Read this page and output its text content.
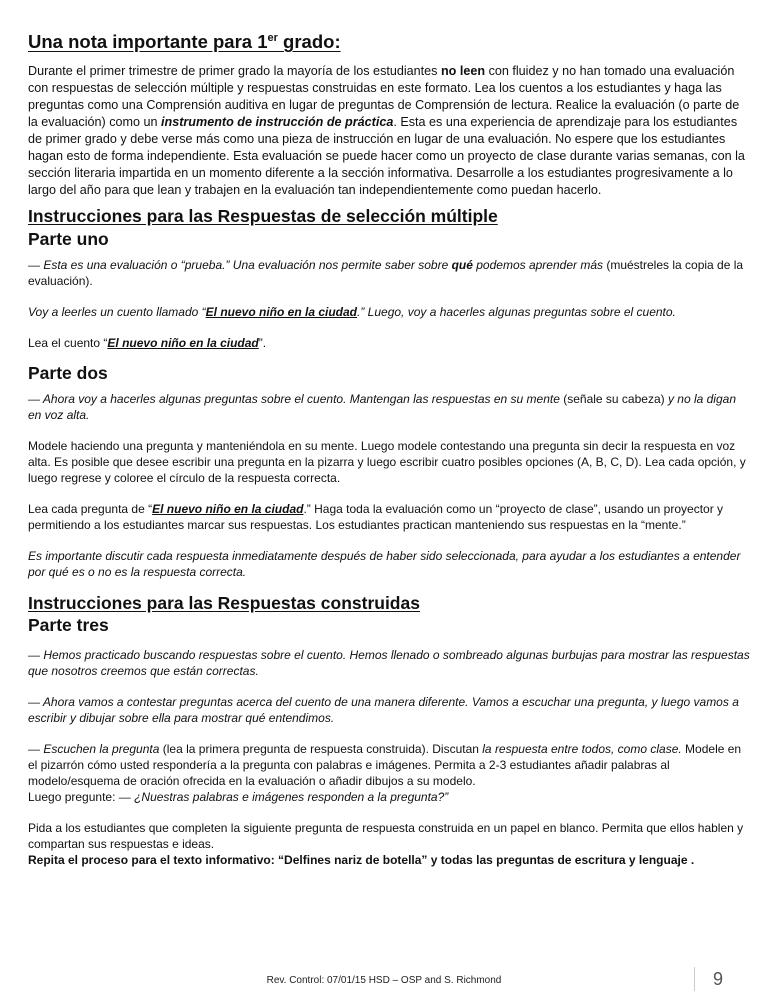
Una nota importante para 1er grado:

Durante el primer trimestre de primer grado la mayoría de los estudiantes no leen con fluidez y no han tomado una evaluación con respuestas de selección múltiple y respuestas construidas en este formato. Lea los cuentos a los estudiantes y haga las preguntas como una Comprensión auditiva en lugar de preguntas de Comprensión de lectura. Realice la evaluación (o parte de la evaluación) como un instrumento de instrucción de práctica. Esta es una experiencia de aprendizaje para los estudiantes de primer grado y debe verse más como una pieza de instrucción en lugar de una evaluación. No espere que los estudiantes hagan esto de forma independiente. Esta evaluación se puede hacer como un proyecto de clase durante varias semanas, con la sección literaria impartida en un momento diferente a la sección informativa. Desarrolle a los estudiantes progresivamente a lo largo del año para que lean y trabajen en la evaluación tan independientemente como puedan hacerlo.

Instrucciones para las Respuestas de selección múltiple
Parte uno

— Esta es una evaluación o “prueba.” Una evaluación nos permite saber sobre qué podemos aprender más (muéstreles la copia de la evaluación).

Voy a leerles un cuento llamado “El nuevo niño en la ciudad.” Luego, voy a hacerles algunas preguntas sobre el cuento.

Lea el cuento “El nuevo niño en la ciudad”.

Parte dos

— Ahora voy a hacerles algunas preguntas sobre el cuento. Mantengan las respuestas en su mente (señale su cabeza) y no la digan en voz alta.

Modele haciendo una pregunta y manteniéndola en su mente. Luego modele contestando una pregunta sin decir la respuesta en voz alta. Es posible que desee escribir una pregunta en la pizarra y luego escribir cuatro posibles opciones (A, B, C, D). Lea cada opción, y luego regrese y coloree el círculo de la respuesta correcta.

Lea cada pregunta de “El nuevo niño en la ciudad.” Haga toda la evaluación como un “proyecto de clase”, usando un proyector y permitiendo a los estudiantes marcar sus respuestas. Los estudiantes practican manteniendo sus respuestas en la “mente.”

Es importante discutir cada respuesta inmediatamente después de haber sido seleccionada, para ayudar a los estudiantes a entender por qué es o no es la respuesta correcta.

Instrucciones para las Respuestas construidas
Parte tres

— Hemos practicado buscando respuestas sobre el cuento. Hemos llenado o sombreado algunas burbujas para mostrar las respuestas que nosotros creemos que están correctas.

— Ahora vamos a contestar preguntas acerca del cuento de una manera diferente. Vamos a escuchar una pregunta, y luego vamos a escribir y dibujar sobre ella para mostrar qué entendimos.

— Escuchen la pregunta (lea la primera pregunta de respuesta construida). Discutan la respuesta entre todos, como clase. Modele en el pizarrón cómo usted respondería a la pregunta con palabras e imágenes. Permita a 2-3 estudiantes añadir palabras al modelo/esquema de oración ofrecida en la evaluación o añadir dibujos a su modelo.
Luego pregunte: — ¿Nuestras palabras e imágenes responden a la pregunta?”

Pida a los estudiantes que completen la siguiente pregunta de respuesta construida en un papel en blanco. Permita que ellos hablen y compartan sus respuestas e ideas.

Repita el proceso para el texto informativo: “Delfines nariz de botella” y todas las preguntas de escritura y lenguaje .

Rev. Control: 07/01/15 HSD – OSP and S. Richmond	9
